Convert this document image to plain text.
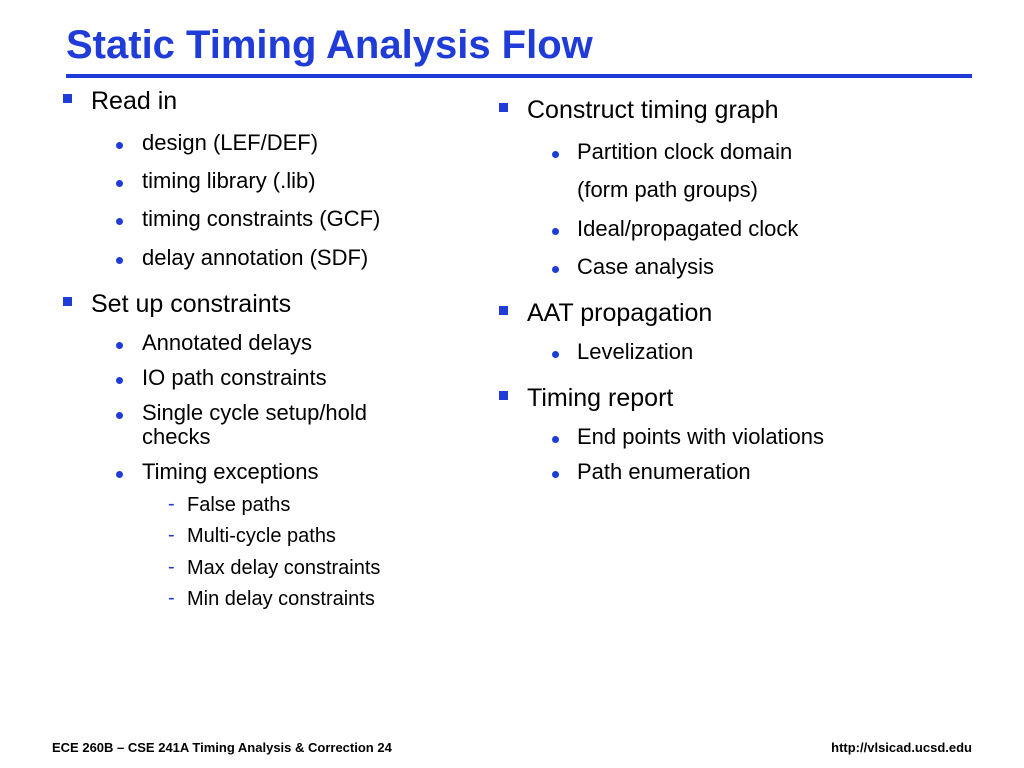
Static Timing Analysis Flow
Read in
design (LEF/DEF)
timing library (.lib)
timing constraints (GCF)
delay annotation (SDF)
Set up constraints
Annotated delays
IO path constraints
Single cycle setup/hold
checks
Timing exceptions
- False paths
- Multi-cycle paths
- Max delay constraints
- Min delay constraints
Construct timing graph
Partition clock domain
(form path groups)
Ideal/propagated clock
Case analysis
AAT propagation
Levelization
Timing report
End points with violations
Path enumeration
ECE 260B – CSE 241A Timing Analysis & Correction 24	http://vlsicad.ucsd.edu
